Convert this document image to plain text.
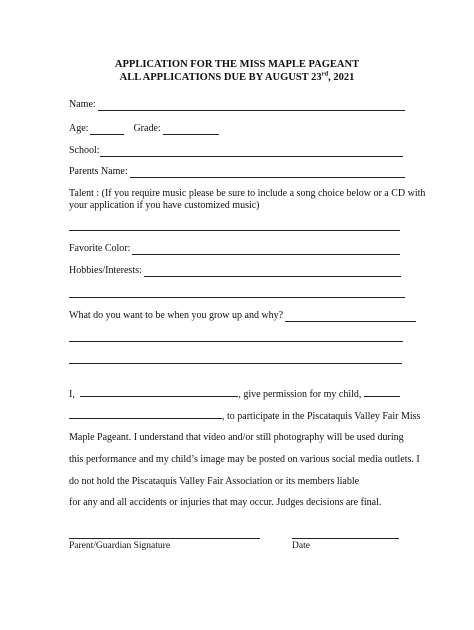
APPLICATION FOR THE MISS MAPLE PAGEANT
ALL APPLICATIONS DUE BY AUGUST 23rd, 2021
Name:
Age:	Grade:
School:
Parents Name:
Talent : (If you require music please be sure to include a song choice below or a CD with
your application if you have customized music)
Favorite Color:
Hobbies/Interests:
What do you want to be when you grow up and why?
I,	, give permission for my child,
, to participate in the Piscataquis Valley Fair Miss
Maple Pageant. I understand that video and/or still photography will be used during
this performance and my child’s image may be posted on various social media outlets. I
do not hold the Piscataquis Valley Fair Association or its members liable
for any and all accidents or injuries that may occur. Judges decisions are final.
Parent/Guardian Signature	Date
